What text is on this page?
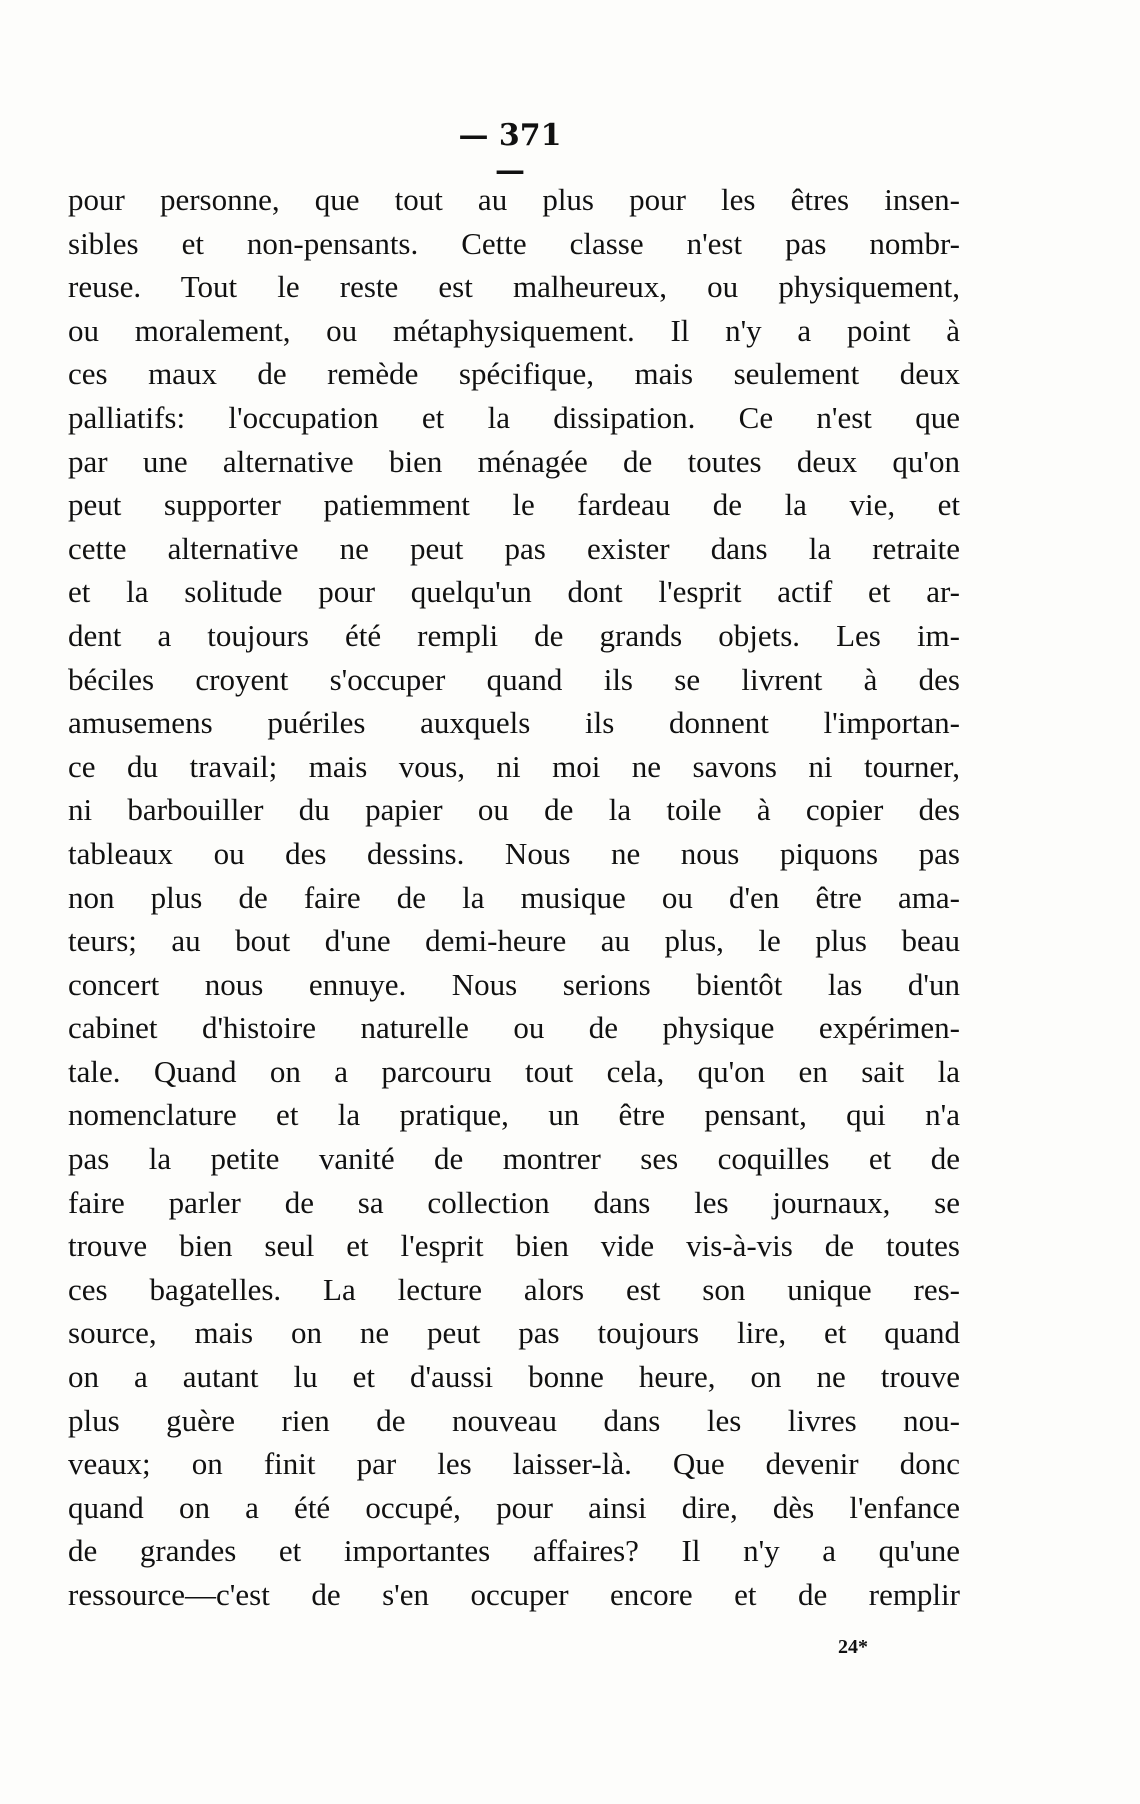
— 371 —
pour personne, que tout au plus pour les êtres insen-
sibles et non-pensants. Cette classe n'est pas nombr-
reuse. Tout le reste est malheureux, ou physiquement,
ou moralement, ou métaphysiquement. Il n'y a point à
ces maux de remède spécifique, mais seulement deux
palliatifs: l'occupation et la dissipation. Ce n'est que
par une alternative bien ménagée de toutes deux qu'on
peut supporter patiemment le fardeau de la vie, et
cette alternative ne peut pas exister dans la retraite
et la solitude pour quelqu'un dont l'esprit actif et ar-
dent a toujours été rempli de grands objets. Les im-
béciles croyent s'occuper quand ils se livrent à des
amusemens puériles auxquels ils donnent l'importan-
ce du travail; mais vous, ni moi ne savons ni tourner,
ni barbouiller du papier ou de la toile à copier des
tableaux ou des dessins. Nous ne nous piquons pas
non plus de faire de la musique ou d'en être ama-
teurs; au bout d'une demi-heure au plus, le plus beau
concert nous ennuye. Nous serions bientôt las d'un
cabinet d'histoire naturelle ou de physique expérimen-
tale. Quand on a parcouru tout cela, qu'on en sait la
nomenclature et la pratique, un être pensant, qui n'a
pas la petite vanité de montrer ses coquilles et de
faire parler de sa collection dans les journaux, se
trouve bien seul et l'esprit bien vide vis-à-vis de toutes
ces bagatelles. La lecture alors est son unique res-
source, mais on ne peut pas toujours lire, et quand
on a autant lu et d'aussi bonne heure, on ne trouve
plus guère rien de nouveau dans les livres nou-
veaux; on finit par les laisser-là. Que devenir donc
quand on a été occupé, pour ainsi dire, dès l'enfance
de grandes et importantes affaires? Il n'y a qu'une
ressource—c'est de s'en occuper encore et de remplir
24*
